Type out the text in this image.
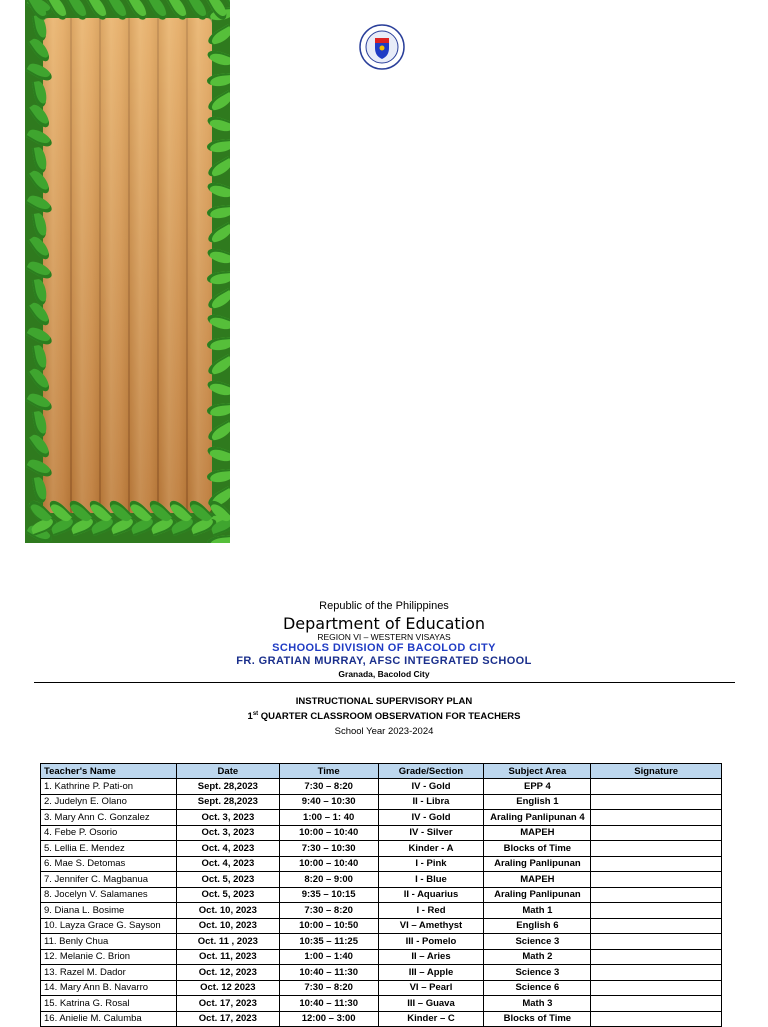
Republic of the Philippines
Department of Education
REGION VI – WESTERN VISAYAS
SCHOOLS DIVISION OF BACOLOD CITY
FR. GRATIAN MURRAY, AFSC INTEGRATED SCHOOL
Granada, Bacolod City
INSTRUCTIONAL SUPERVISORY PLAN
1st QUARTER CLASSROOM OBSERVATION FOR TEACHERS
School Year 2023-2024
Teacher's Name	Date	Time	Grade/Section	Subject Area	Signature
1. Kathrine P. Pati-on	Sept. 28,2023	7:30 – 8:20	IV - Gold	EPP 4	
2. Judelyn E. Olano	Sept. 28,2023	9:40 – 10:30	II - Libra	English 1	
3. Mary Ann C. Gonzalez	Oct. 3, 2023	1:00 – 1: 40	IV - Gold	Araling Panlipunan 4	
4. Febe P. Osorio	Oct. 3, 2023	10:00 – 10:40	IV - Silver	MAPEH	
5. Lellia E. Mendez	Oct. 4, 2023	7:30 – 10:30	Kinder - A	Blocks of Time	
6. Mae S. Detomas	Oct. 4, 2023	10:00 – 10:40	I - Pink	Araling Panlipunan	
7. Jennifer C. Magbanua	Oct. 5, 2023	8:20 – 9:00	I - Blue	MAPEH	
8. Jocelyn V. Salamanes	Oct. 5, 2023	9:35 – 10:15	II - Aquarius	Araling Panlipunan	
9. Diana L. Bosime	Oct. 10, 2023	7:30 – 8:20	I - Red	Math 1	
10. Layza Grace G. Sayson	Oct. 10, 2023	10:00 – 10:50	VI – Amethyst	English 6	
11. Benly Chua	Oct. 11 , 2023	10:35 – 11:25	III - Pomelo	Science 3	
12. Melanie C. Brion	Oct. 11, 2023	1:00 – 1:40	II – Aries	Math 2	
13. Razel M. Dador	Oct. 12, 2023	10:40 – 11:30	III – Apple	Science 3	
14. Mary Ann B. Navarro	Oct. 12 2023	7:30 – 8:20	VI – Pearl	Science 6	
15. Katrina G. Rosal	Oct. 17, 2023	10:40 – 11:30	III – Guava	Math 3	
16. Anielie M. Calumba	Oct. 17, 2023	12:00 – 3:00	Kinder – C	Blocks of Time	
